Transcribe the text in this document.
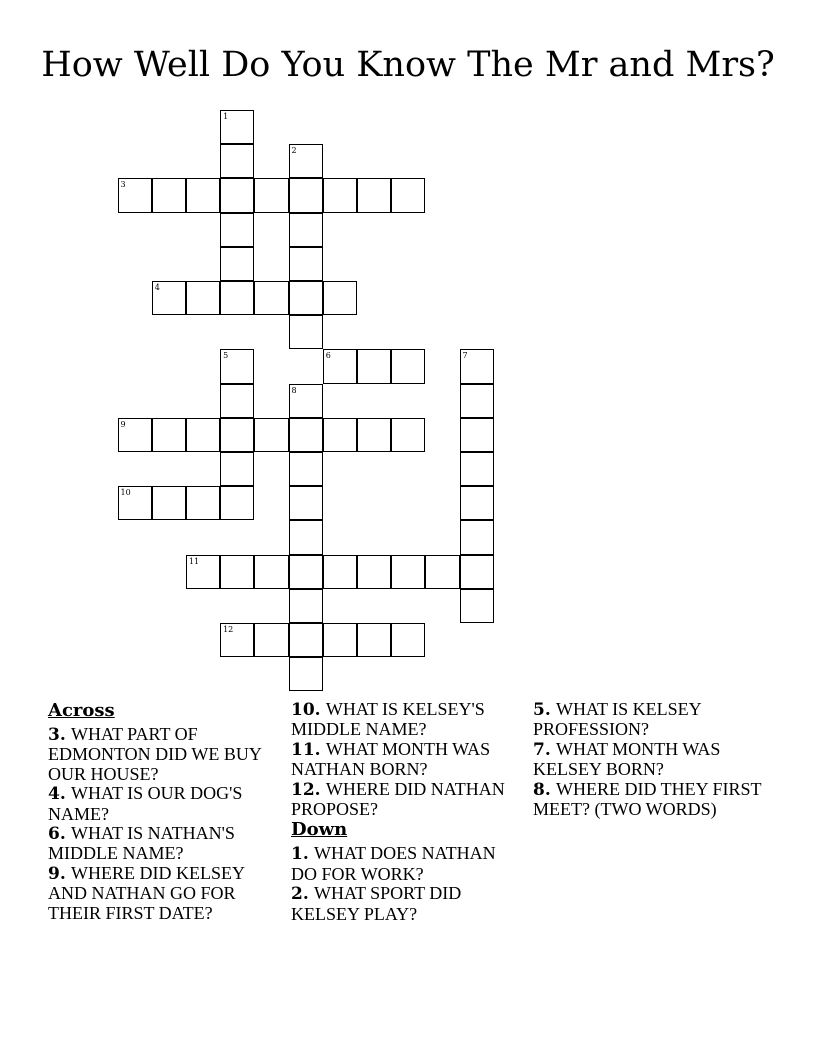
How Well Do You Know The Mr and Mrs?
1
2
3
4
5	6	7
8
9
10
11
12
Across
3. WHAT PART OF EDMONTON DID WE BUY OUR HOUSE?
4. WHAT IS OUR DOG'S NAME?
6. WHAT IS NATHAN'S MIDDLE NAME?
9. WHERE DID KELSEY AND NATHAN GO FOR THEIR FIRST DATE?
10. WHAT IS KELSEY'S MIDDLE NAME?
11. WHAT MONTH WAS NATHAN BORN?
12. WHERE DID NATHAN PROPOSE?
Down
1. WHAT DOES NATHAN DO FOR WORK?
2. WHAT SPORT DID KELSEY PLAY?
5. WHAT IS KELSEY PROFESSION?
7. WHAT MONTH WAS KELSEY BORN?
8. WHERE DID THEY FIRST MEET? (TWO WORDS)
